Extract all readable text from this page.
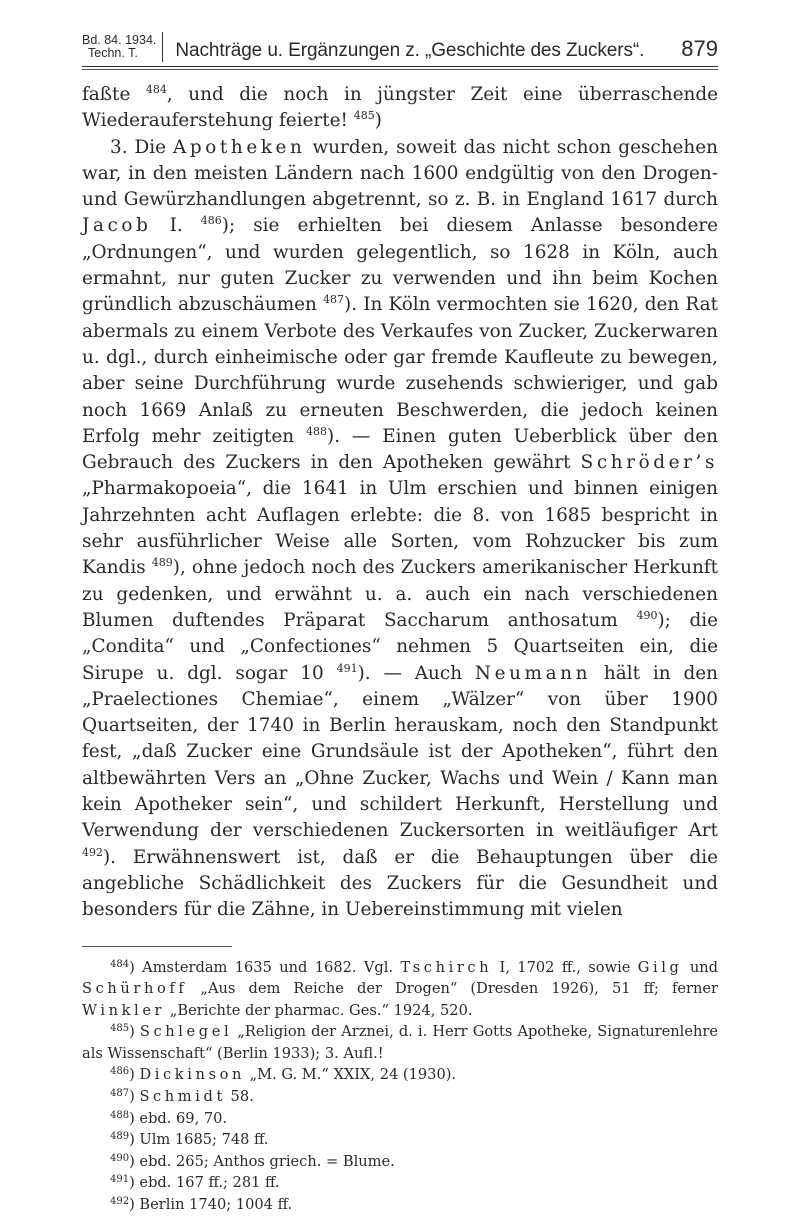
Bd. 84. 1934.
Techn. T.	Nachträge u. Ergänzungen z. „Geschichte des Zuckers“.	879

faßte $^{484}$, und die noch in jüngster Zeit eine überraschende Wiederauferstehung feierte! $^{485}$)

3. Die Apotheken wurden, soweit das nicht schon geschehen war, in den meisten Ländern nach 1600 endgültig von den Drogen- und Gewürzhandlungen abgetrennt, so z. B. in England 1617 durch Jacob I. $^{486}$); sie erhielten bei diesem Anlasse besondere „Ordnungen“, und wurden gelegentlich, so 1628 in Köln, auch ermahnt, nur guten Zucker zu verwenden und ihn beim Kochen gründlich abzuschäumen $^{487}$). In Köln vermochten sie 1620, den Rat abermals zu einem Verbote des Verkaufes von Zucker, Zuckerwaren u. dgl., durch einheimische oder gar fremde Kaufleute zu bewegen, aber seine Durchführung wurde zusehends schwieriger, und gab noch 1669 Anlaß zu erneuten Beschwerden, die jedoch keinen Erfolg mehr zeitigten $^{488}$). — Einen guten Ueberblick über den Gebrauch des Zuckers in den Apotheken gewährt Schröder’s „Pharmakopoeia“, die 1641 in Ulm erschien und binnen einigen Jahrzehnten acht Auflagen erlebte: die 8. von 1685 bespricht in sehr ausführlicher Weise alle Sorten, vom Rohzucker bis zum Kandis $^{489}$), ohne jedoch noch des Zuckers amerikanischer Herkunft zu gedenken, und erwähnt u. a. auch ein nach verschiedenen Blumen duftendes Präparat Saccharum anthosatum $^{490}$); die „Condita“ und „Confectiones“ nehmen 5 Quartseiten ein, die Sirupe u. dgl. sogar 10 $^{491}$). — Auch Neumann hält in den „Praelectiones Chemiae“, einem „Wälzer“ von über 1900 Quartseiten, der 1740 in Berlin herauskam, noch den Standpunkt fest, „daß Zucker eine Grundsäule ist der Apotheken“, führt den altbewährten Vers an „Ohne Zucker, Wachs und Wein / Kann man kein Apotheker sein“, und schildert Herkunft, Herstellung und Verwendung der verschiedenen Zuckersorten in weitläufiger Art $^{492}$). Erwähnenswert ist, daß er die Behauptungen über die angebliche Schädlichkeit des Zuckers für die Gesundheit und besonders für die Zähne, in Uebereinstimmung mit vielen

$^{484}$) Amsterdam 1635 und 1682. Vgl. Tschirch I, 1702 ff., sowie Gilg und Schürhoff „Aus dem Reiche der Drogen“ (Dresden 1926), 51 ff; ferner Winkler „Berichte der pharmac. Ges.“ 1924, 520.

$^{485}$) Schlegel „Religion der Arznei, d. i. Herr Gotts Apotheke, Signaturenlehre als Wissenschaft“ (Berlin 1933); 3. Aufl.!

$^{486}$) Dickinson „M. G. M.“ XXIX, 24 (1930).

$^{487}$) Schmidt 58.

$^{488}$) ebd. 69, 70.

$^{489}$) Ulm 1685; 748 ff.

$^{490}$) ebd. 265; Anthos griech. = Blume.

$^{491}$) ebd. 167 ff.; 281 ff.

$^{492}$) Berlin 1740; 1004 ff.
